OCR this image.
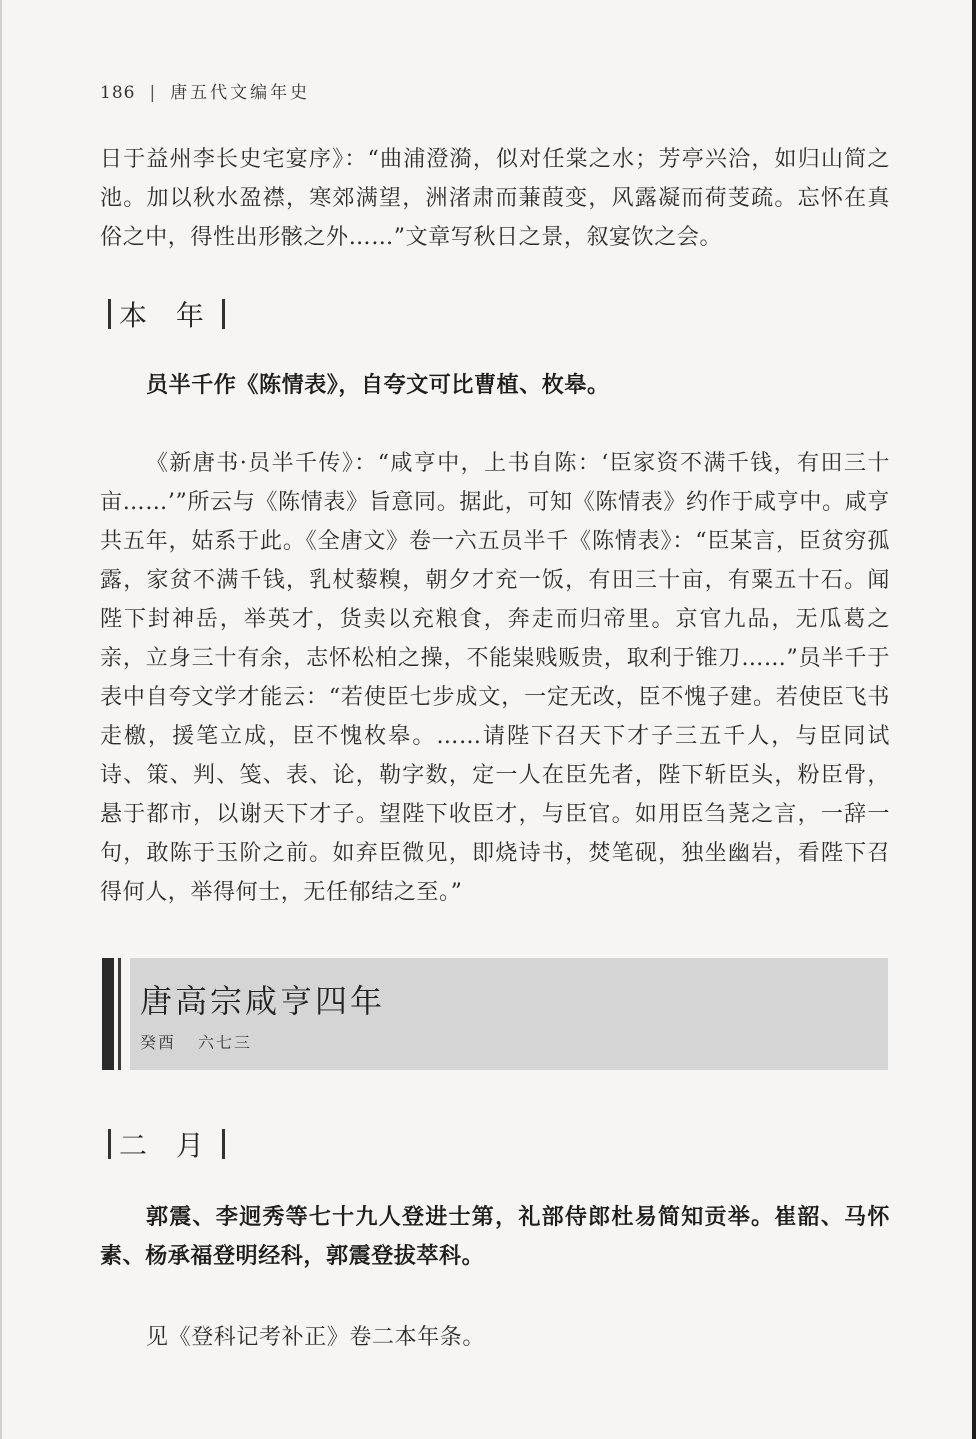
186 | 唐五代文编年史

日于益州李长史宅宴序》：“曲浦澄漪，似对任棠之水；芳亭兴洽，如归山简之池。加以秋水盈襟，寒郊满望，洲渚肃而蒹葭变，风露凝而荷芰疏。忘怀在真俗之中，得性出形骸之外……”文章写秋日之景，叙宴饮之会。

本 年

员半千作《陈情表》，自夸文可比曹植、枚皋。

《新唐书·员半千传》：“咸亨中，上书自陈：‘臣家资不满千钱，有田三十亩……’”所云与《陈情表》旨意同。据此，可知《陈情表》约作于咸亨中。咸亨共五年，姑系于此。《全唐文》卷一六五员半千《陈情表》：“臣某言，臣贫穷孤露，家贫不满千钱，乳杖藜糗，朝夕才充一饭，有田三十亩，有粟五十石。闻陛下封神岳，举英才，货卖以充粮食，奔走而归帝里。京官九品，无瓜葛之亲，立身三十有余，志怀松柏之操，不能粜贱贩贵，取利于锥刀……”员半千于表中自夸文学才能云：“若使臣七步成文，一定无改，臣不愧子建。若使臣飞书走檄，援笔立成，臣不愧枚皋。……请陛下召天下才子三五千人，与臣同试诗、策、判、笺、表、论，勒字数，定一人在臣先者，陛下斩臣头，粉臣骨，悬于都市，以谢天下才子。望陛下收臣才，与臣官。如用臣刍荛之言，一辞一句，敢陈于玉阶之前。如弃臣微见，即烧诗书，焚笔砚，独坐幽岩，看陛下召得何人，举得何士，无任郁结之至。”

唐高宗咸亨四年
癸酉 六七三
二 月

郭震、李迥秀等七十九人登进士第，礼部侍郎杜易简知贡举。崔韶、马怀素、杨承福登明经科，郭震登拔萃科。

见《登科记考补正》卷二本年条。
